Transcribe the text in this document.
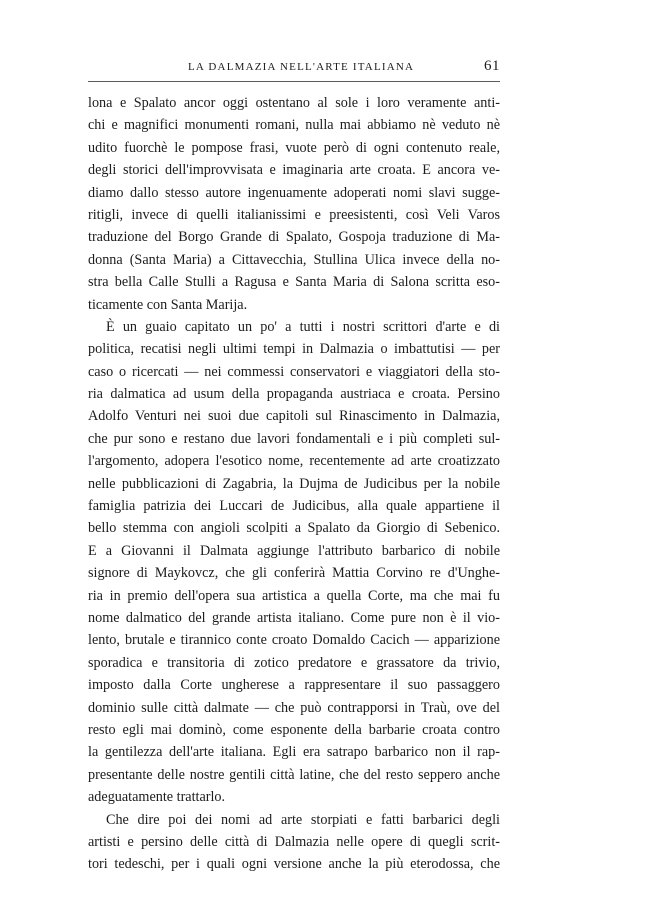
LA DALMAZIA NELL'ARTE ITALIANA	61
lona e Spalato ancor oggi ostentano al sole i loro veramente anti-
chi e magnifici monumenti romani, nulla mai abbiamo nè veduto nè
udito fuorchè le pompose frasi, vuote però di ogni contenuto reale,
degli storici dell'improvvisata e imaginaria arte croata. E ancora ve-
diamo dallo stesso autore ingenuamente adoperati nomi slavi sugge-
ritigli, invece di quelli italianissimi e preesistenti, così Veli Varos
traduzione del Borgo Grande di Spalato, Gospoja traduzione di Ma-
donna (Santa Maria) a Cittavecchia, Stullina Ulica invece della no-
stra bella Calle Stulli a Ragusa e Santa Maria di Salona scritta eso-
ticamente con Santa Marija.
È un guaio capitato un po' a tutti i nostri scrittori d'arte e di
politica, recatisi negli ultimi tempi in Dalmazia o imbattutisi — per
caso o ricercati — nei commessi conservatori e viaggiatori della sto-
ria dalmatica ad usum della propaganda austriaca e croata. Persino
Adolfo Venturi nei suoi due capitoli sul Rinascimento in Dalmazia,
che pur sono e restano due lavori fondamentali e i più completi sul-
l'argomento, adopera l'esotico nome, recentemente ad arte croatizzato
nelle pubblicazioni di Zagabria, la Dujma de Judicibus per la nobile
famiglia patrizia dei Luccari de Judicibus, alla quale appartiene il
bello stemma con angioli scolpiti a Spalato da Giorgio di Sebenico.
E a Giovanni il Dalmata aggiunge l'attributo barbarico di nobile
signore di Maykovcz, che gli conferirà Mattia Corvino re d'Unghe-
ria in premio dell'opera sua artistica a quella Corte, ma che mai fu
nome dalmatico del grande artista italiano. Come pure non è il vio-
lento, brutale e tirannico conte croato Domaldo Cacich — apparizione
sporadica e transitoria di zotico predatore e grassatore da trivio,
imposto dalla Corte ungherese a rappresentare il suo passaggero
dominio sulle città dalmate — che può contrapporsi in Traù, ove del
resto egli mai dominò, come esponente della barbarie croata contro
la gentilezza dell'arte italiana. Egli era satrapo barbarico non il rap-
presentante delle nostre gentili città latine, che del resto seppero anche
adeguatamente trattarlo.
Che dire poi dei nomi ad arte storpiati e fatti barbarici degli
artisti e persino delle città di Dalmazia nelle opere di quegli scrit-
tori tedeschi, per i quali ogni versione anche la più eterodossa, che
